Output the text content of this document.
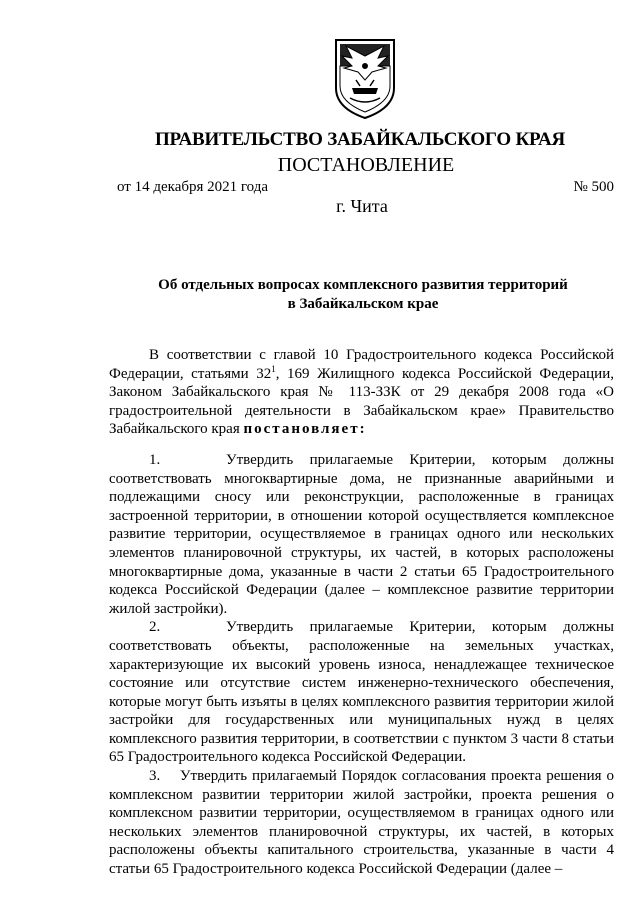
ПРАВИТЕЛЬСТВО ЗАБАЙКАЛЬСКОГО КРАЯ
ПОСТАНОВЛЕНИЕ
от 14 декабря 2021 года	№ 500
г. Чита
Об отдельных вопросах комплексного развития территорий
в Забайкальском крае

В соответствии с главой 10 Градостроительного кодекса Российской Федерации, статьями $32^1$, 169 Жилищного кодекса Российской Федерации, Законом Забайкальского края № 113-ЗЗК от 29 декабря 2008 года «О градостроительной деятельности в Забайкальском крае» Правительство Забайкальского края постановляет:

1.    Утвердить прилагаемые Критерии, которым должны соответствовать многоквартирные дома, не признанные аварийными и подлежащими сносу или реконструкции, расположенные в границах застроенной территории, в отношении которой осуществляется комплексное развитие территории, осуществляемое в границах одного или нескольких элементов планировочной структуры, их частей, в которых расположены многоквартирные дома, указанные в части 2 статьи 65 Градостроительного кодекса Российской Федерации (далее – комплексное развитие территории жилой застройки).

2.    Утвердить прилагаемые Критерии, которым должны соответствовать объекты, расположенные на земельных участках, характеризующие их высокий уровень износа, ненадлежащее техническое состояние или отсутствие систем инженерно-технического обеспечения, которые могут быть изъяты в целях комплексного развития территории жилой застройки для государственных или муниципальных нужд в целях комплексного развития территории, в соответствии с пунктом 3 части 8 статьи 65 Градостроительного кодекса Российской Федерации.

3.    Утвердить прилагаемый Порядок согласования проекта решения о комплексном развитии территории жилой застройки, проекта решения о комплексном развитии территории, осуществляемом в границах одного или нескольких элементов планировочной структуры, их частей, в которых расположены объекты капитального строительства, указанные в части 4 статьи 65 Градостроительного кодекса Российской Федерации (далее –
